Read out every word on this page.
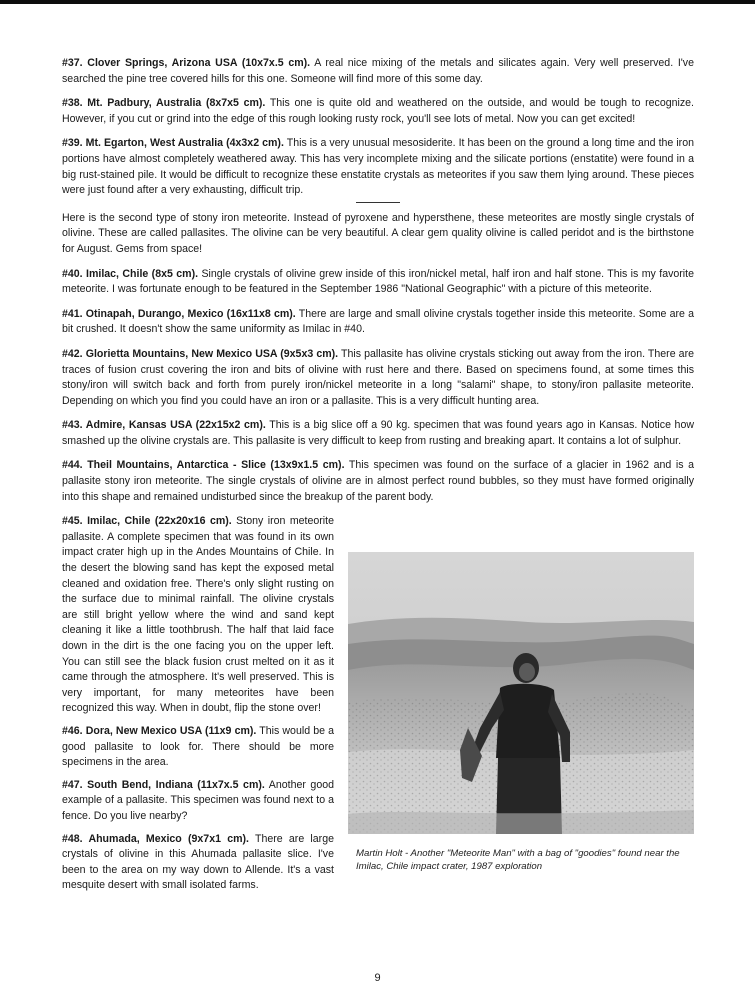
#37. Clover Springs, Arizona USA (10x7x.5 cm). A real nice mixing of the metals and silicates again. Very well preserved. I've searched the pine tree covered hills for this one. Someone will find more of this some day.

#38. Mt. Padbury, Australia (8x7x5 cm). This one is quite old and weathered on the outside, and would be tough to recognize. However, if you cut or grind into the edge of this rough looking rusty rock, you'll see lots of metal. Now you can get excited!

#39. Mt. Egarton, West Australia (4x3x2 cm). This is a very unusual mesosiderite. It has been on the ground a long time and the iron portions have almost completely weathered away. This has very incomplete mixing and the silicate portions (enstatite) were found in a big rust-stained pile. It would be difficult to recognize these enstatite crystals as meteorites if you saw them lying around. These pieces were just found after a very exhausting, difficult trip.

Here is the second type of stony iron meteorite. Instead of pyroxene and hypersthene, these meteorites are mostly single crystals of olivine. These are called pallasites. The olivine can be very beautiful. A clear gem quality olivine is called peridot and is the birthstone for August. Gems from space!

#40. Imilac, Chile (8x5 cm). Single crystals of olivine grew inside of this iron/nickel metal, half iron and half stone. This is my favorite meteorite. I was fortunate enough to be featured in the September 1986 "National Geographic" with a picture of this meteorite.

#41. Otinapah, Durango, Mexico (16x11x8 cm). There are large and small olivine crystals together inside this meteorite. Some are a bit crushed. It doesn't show the same uniformity as Imilac in #40.

#42. Glorietta Mountains, New Mexico USA (9x5x3 cm). This pallasite has olivine crystals sticking out away from the iron. There are traces of fusion crust covering the iron and bits of olivine with rust here and there. Based on specimens found, at some times this stony/iron will switch back and forth from purely iron/nickel meteorite in a long "salami" shape, to stony/iron pallasite meteorite. Depending on which you find you could have an iron or a pallasite. This is a very difficult hunting area.

#43. Admire, Kansas USA (22x15x2 cm). This is a big slice off a 90 kg. specimen that was found years ago in Kansas. Notice how smashed up the olivine crystals are. This pallasite is very difficult to keep from rusting and breaking apart. It contains a lot of sulphur.

#44. Theil Mountains, Antarctica - Slice (13x9x1.5 cm). This specimen was found on the surface of a glacier in 1962 and is a pallasite stony iron meteorite. The single crystals of olivine are in almost perfect round bubbles, so they must have formed originally into this shape and remained undisturbed since the breakup of the parent body.

#45. Imilac, Chile (22x20x16 cm). Stony iron meteorite pallasite. A complete specimen that was found in its own impact crater high up in the Andes Mountains of Chile. In the desert the blowing sand has kept the exposed metal cleaned and oxidation free. There's only slight rusting on the surface due to minimal rainfall. The olivine crystals are still bright yellow where the wind and sand kept cleaning it like a little toothbrush. The half that laid face down in the dirt is the one facing you on the upper left. You can still see the black fusion crust melted on it as it came through the atmosphere. It's well preserved. This is very important, for many meteorites have been recognized this way. When in doubt, flip the stone over!

#46. Dora, New Mexico USA (11x9 cm). This would be a good pallasite to look for. There should be more specimens in the area.

#47. South Bend, Indiana (11x7x.5 cm). Another good example of a pallasite. This specimen was found next to a fence. Do you live nearby?

#48. Ahumada, Mexico (9x7x1 cm). There are large crystals of olivine in this Ahumada pallasite slice. I've been to the area on my way down to Allende. It's a vast mesquite desert with small isolated farms.

Martin Holt - Another "Meteorite Man" with a bag of "goodies" found near the Imilac, Chile impact crater, 1987 exploration
9
